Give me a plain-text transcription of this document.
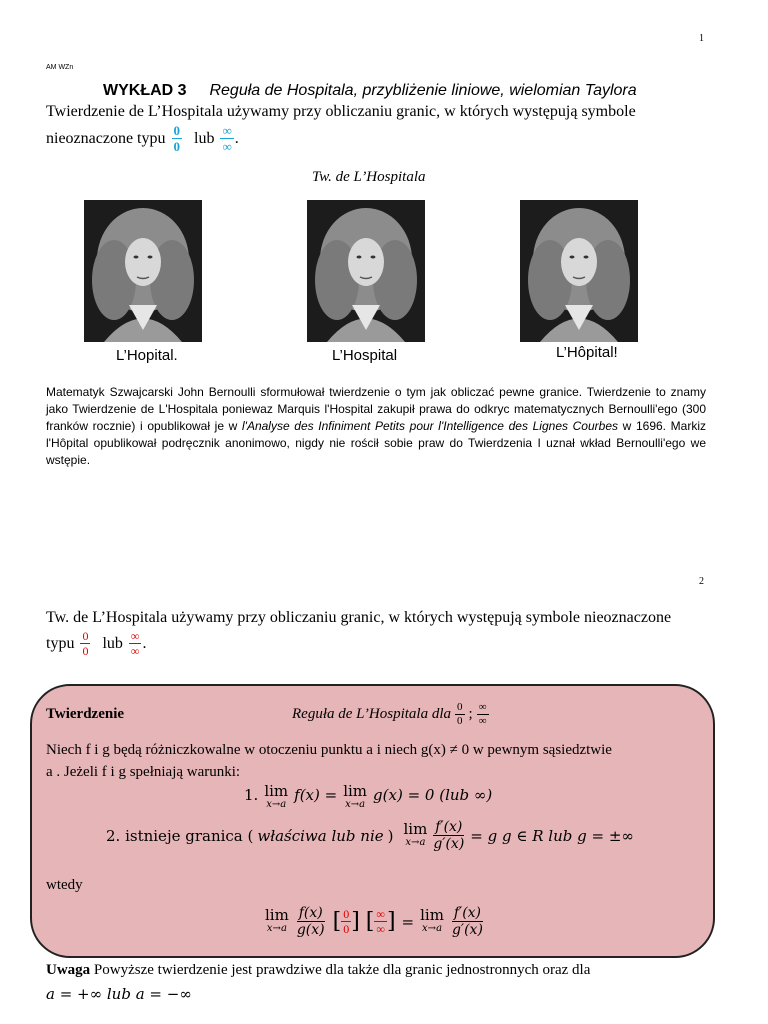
1
AM WZn
WYKŁAD 3 Reguła de Hospitala, przybliżenie liniowe, wielomian Taylora
Twierdzenie de L’Hospitala używamy przy obliczaniu granic, w których występują symbole
nieoznaczone typu $\frac{0}{0}$ lub $\frac{\infty}{\infty}$ .
Tw. de L’Hospitala
L’Hopital.	L’Hospital	L’Hôpital!
Matematyk Szwajcarski John Bernoulli sformułował twierdzenie o tym jak obliczać pewne granice. Twierdzenie to znamy jako Twierdzenie de L'Hospitala poniewaz Marquis l'Hospital zakupił prawa do odkryc matematycznych Bernoulli'ego (300 franków rocznie) i opublikował je w l'Analyse des Infiniment Petits pour l'Intelligence des Lignes Courbes w 1696. Markiz l'Hôpital opublikował podręcznik anonimowo, nigdy nie rościł sobie praw do Twierdzenia I uznał wkład Bernoulli'ego we wstępie.
2
Tw. de L’Hospitala używamy przy obliczaniu granic, w których występują symbole nieoznaczone
typu $\frac{0}{0}$ lub $\frac{\infty}{\infty}$ .
Twierdzenie	Reguła de L’Hospitala dla $\frac{0}{0}$ ; $\frac{\infty}{\infty}$
Niech f i g będą różniczkowalne w otoczeniu punktu a i niech g(x) ≠ 0 w pewnym sąsiedztwie
a . Jeżeli f i g spełniają warunki:
1. lim
x→a
f(x) = lim
x→a
g(x) = 0 (lub ∞)
2. istnieje granica ( właściwa lub nie ) lim
$x\to a \frac{f'(x)}{g'(x)} = g$ g ∈ R lub g = ±∞
wtedy
lim
$x\to a \frac{f(x)}{g(x)}$ [ $\frac{0}{0}$ ] [ $\frac{\infty}{\infty}$ ] = lim
$x\to a \frac{f'(x)}{g'(x)}$
Uwaga Powyższe twierdzenie jest prawdziwe dla także dla granic jednostronnych oraz dla
a = +∞ lub a = −∞
